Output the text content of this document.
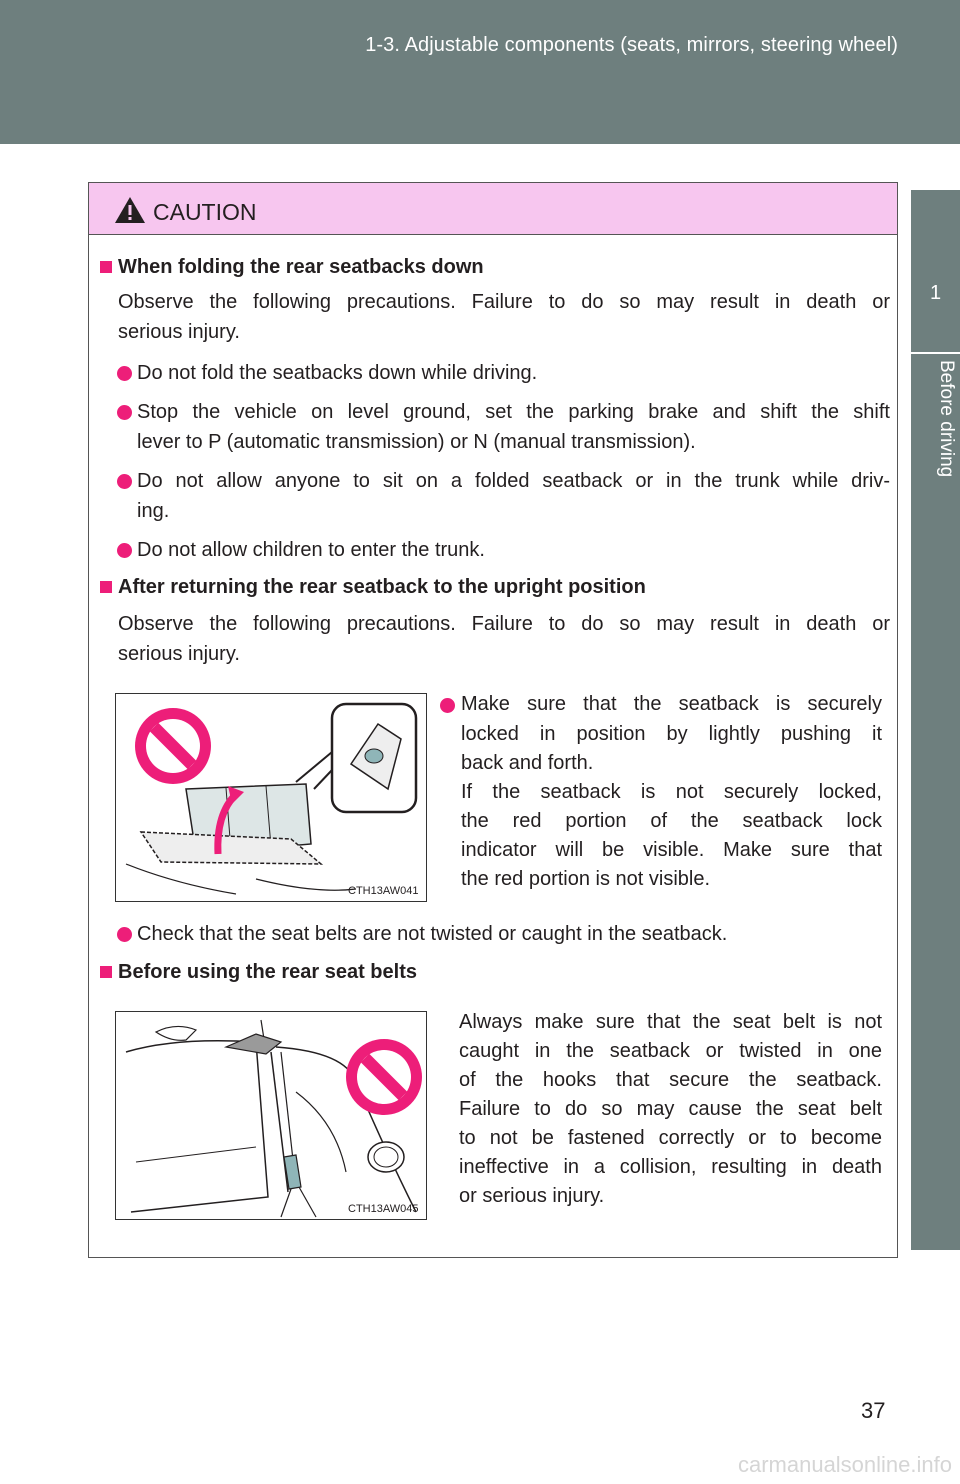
1-3. Adjustable components (seats, mirrors, steering wheel)
1
Before driving
CAUTION
When folding the rear seatbacks down
Observe the following precautions. Failure to do so may result in death or
serious injury.
Do not fold the seatbacks down while driving.
Stop the vehicle on level ground, set the parking brake and shift the shift
lever to P (automatic transmission) or N (manual transmission).
Do not allow anyone to sit on a folded seatback or in the trunk while driv-
ing.
Do not allow children to enter the trunk.
After returning the rear seatback to the upright position
Observe the following precautions. Failure to do so may result in death or
serious injury.
CTH13AW041
Make sure that the seatback is securely
locked in position by lightly pushing it
back and forth.
If the seatback is not securely locked,
the red portion of the seatback lock
indicator will be visible. Make sure that
the red portion is not visible.
Check that the seat belts are not twisted or caught in the seatback.
Before using the rear seat belts
CTH13AW045
Always make sure that the seat belt is not
caught in the seatback or twisted in one
of the hooks that secure the seatback.
Failure to do so may cause the seat belt
to not be fastened correctly or to become
ineffective in a collision, resulting in death
or serious injury.
37
carmanualsonline.info
